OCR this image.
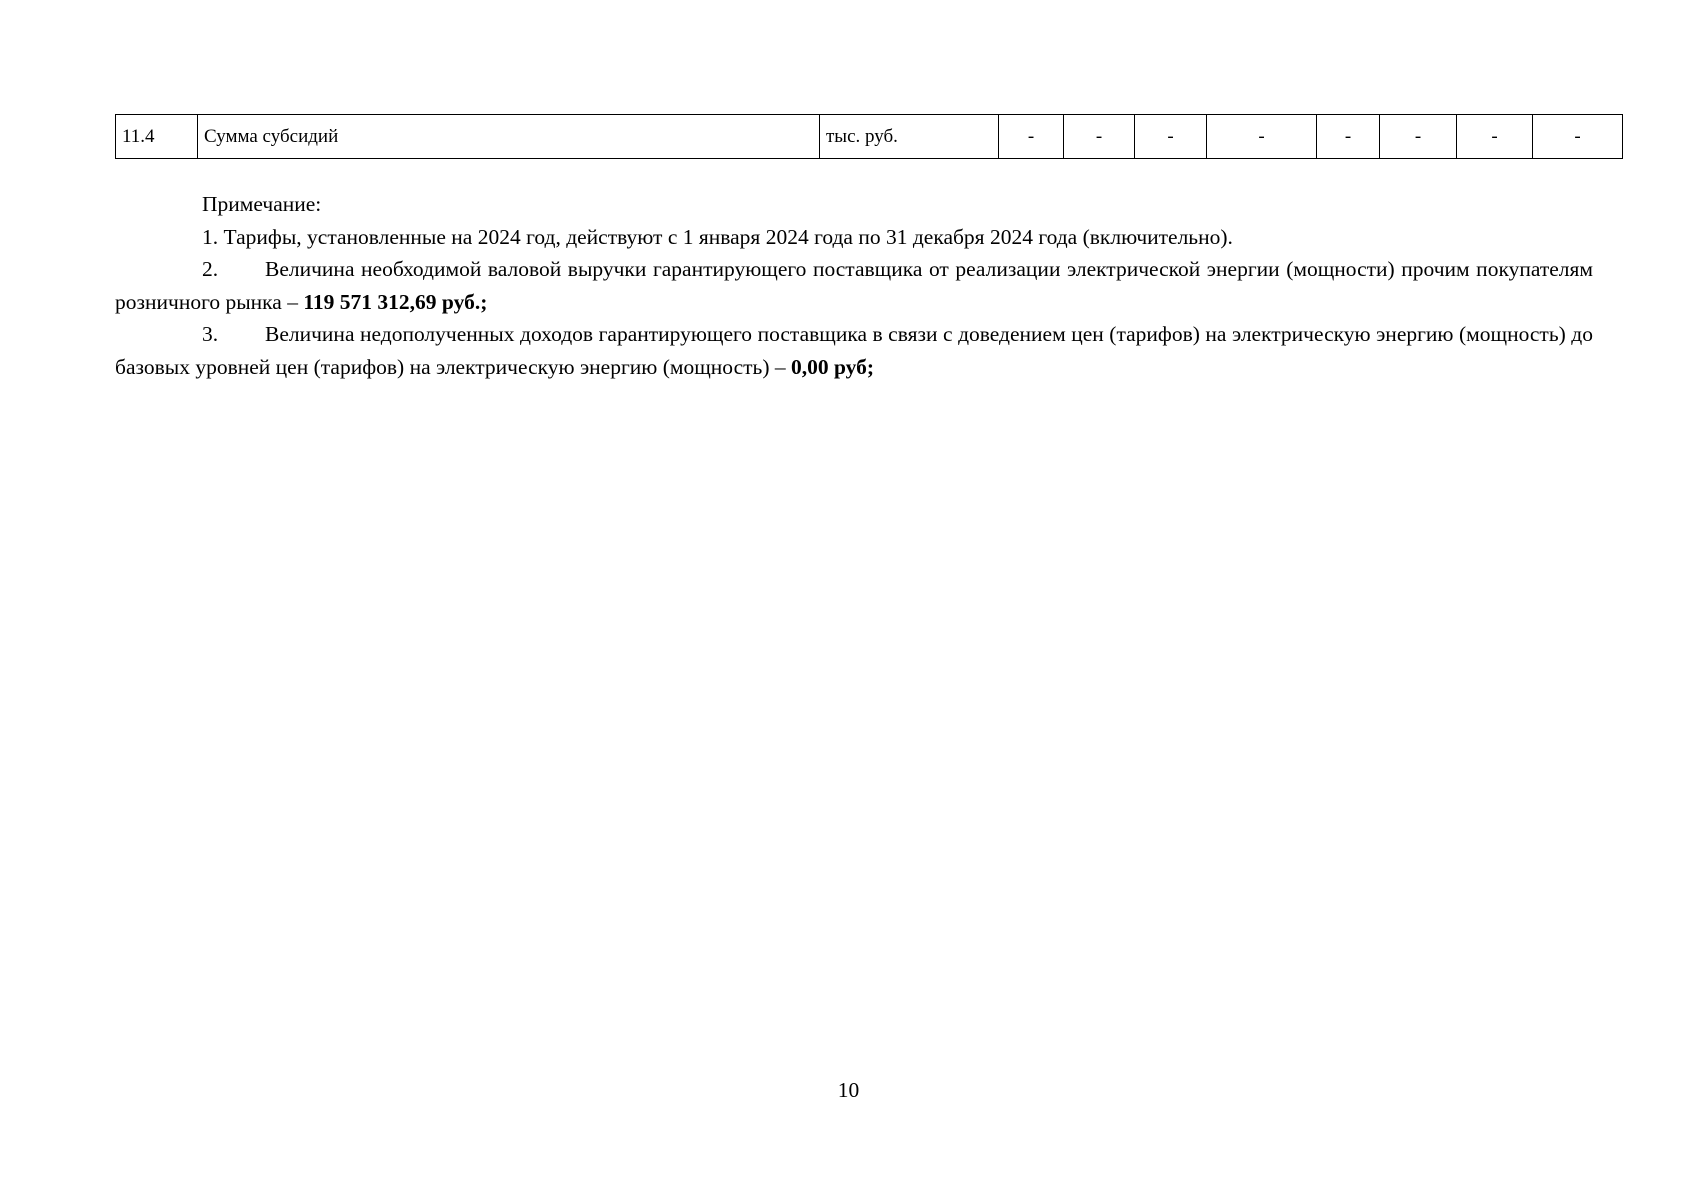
11.4	Сумма субсидий	тыс. руб.	-	-	-	-	-	-	-	-

Примечание:

1. Тарифы, установленные на 2024 год, действуют с 1 января 2024 года по 31 декабря 2024 года (включительно).

2. Величина необходимой валовой выручки гарантирующего поставщика от реализации электрической энергии (мощности) прочим покупателям розничного рынка – 119 571 312,69 руб.;

3. Величина недополученных доходов гарантирующего поставщика в связи с доведением цен (тарифов) на электрическую энергию (мощность) до базовых уровней цен (тарифов) на электрическую энергию (мощность) – 0,00 руб;

10
